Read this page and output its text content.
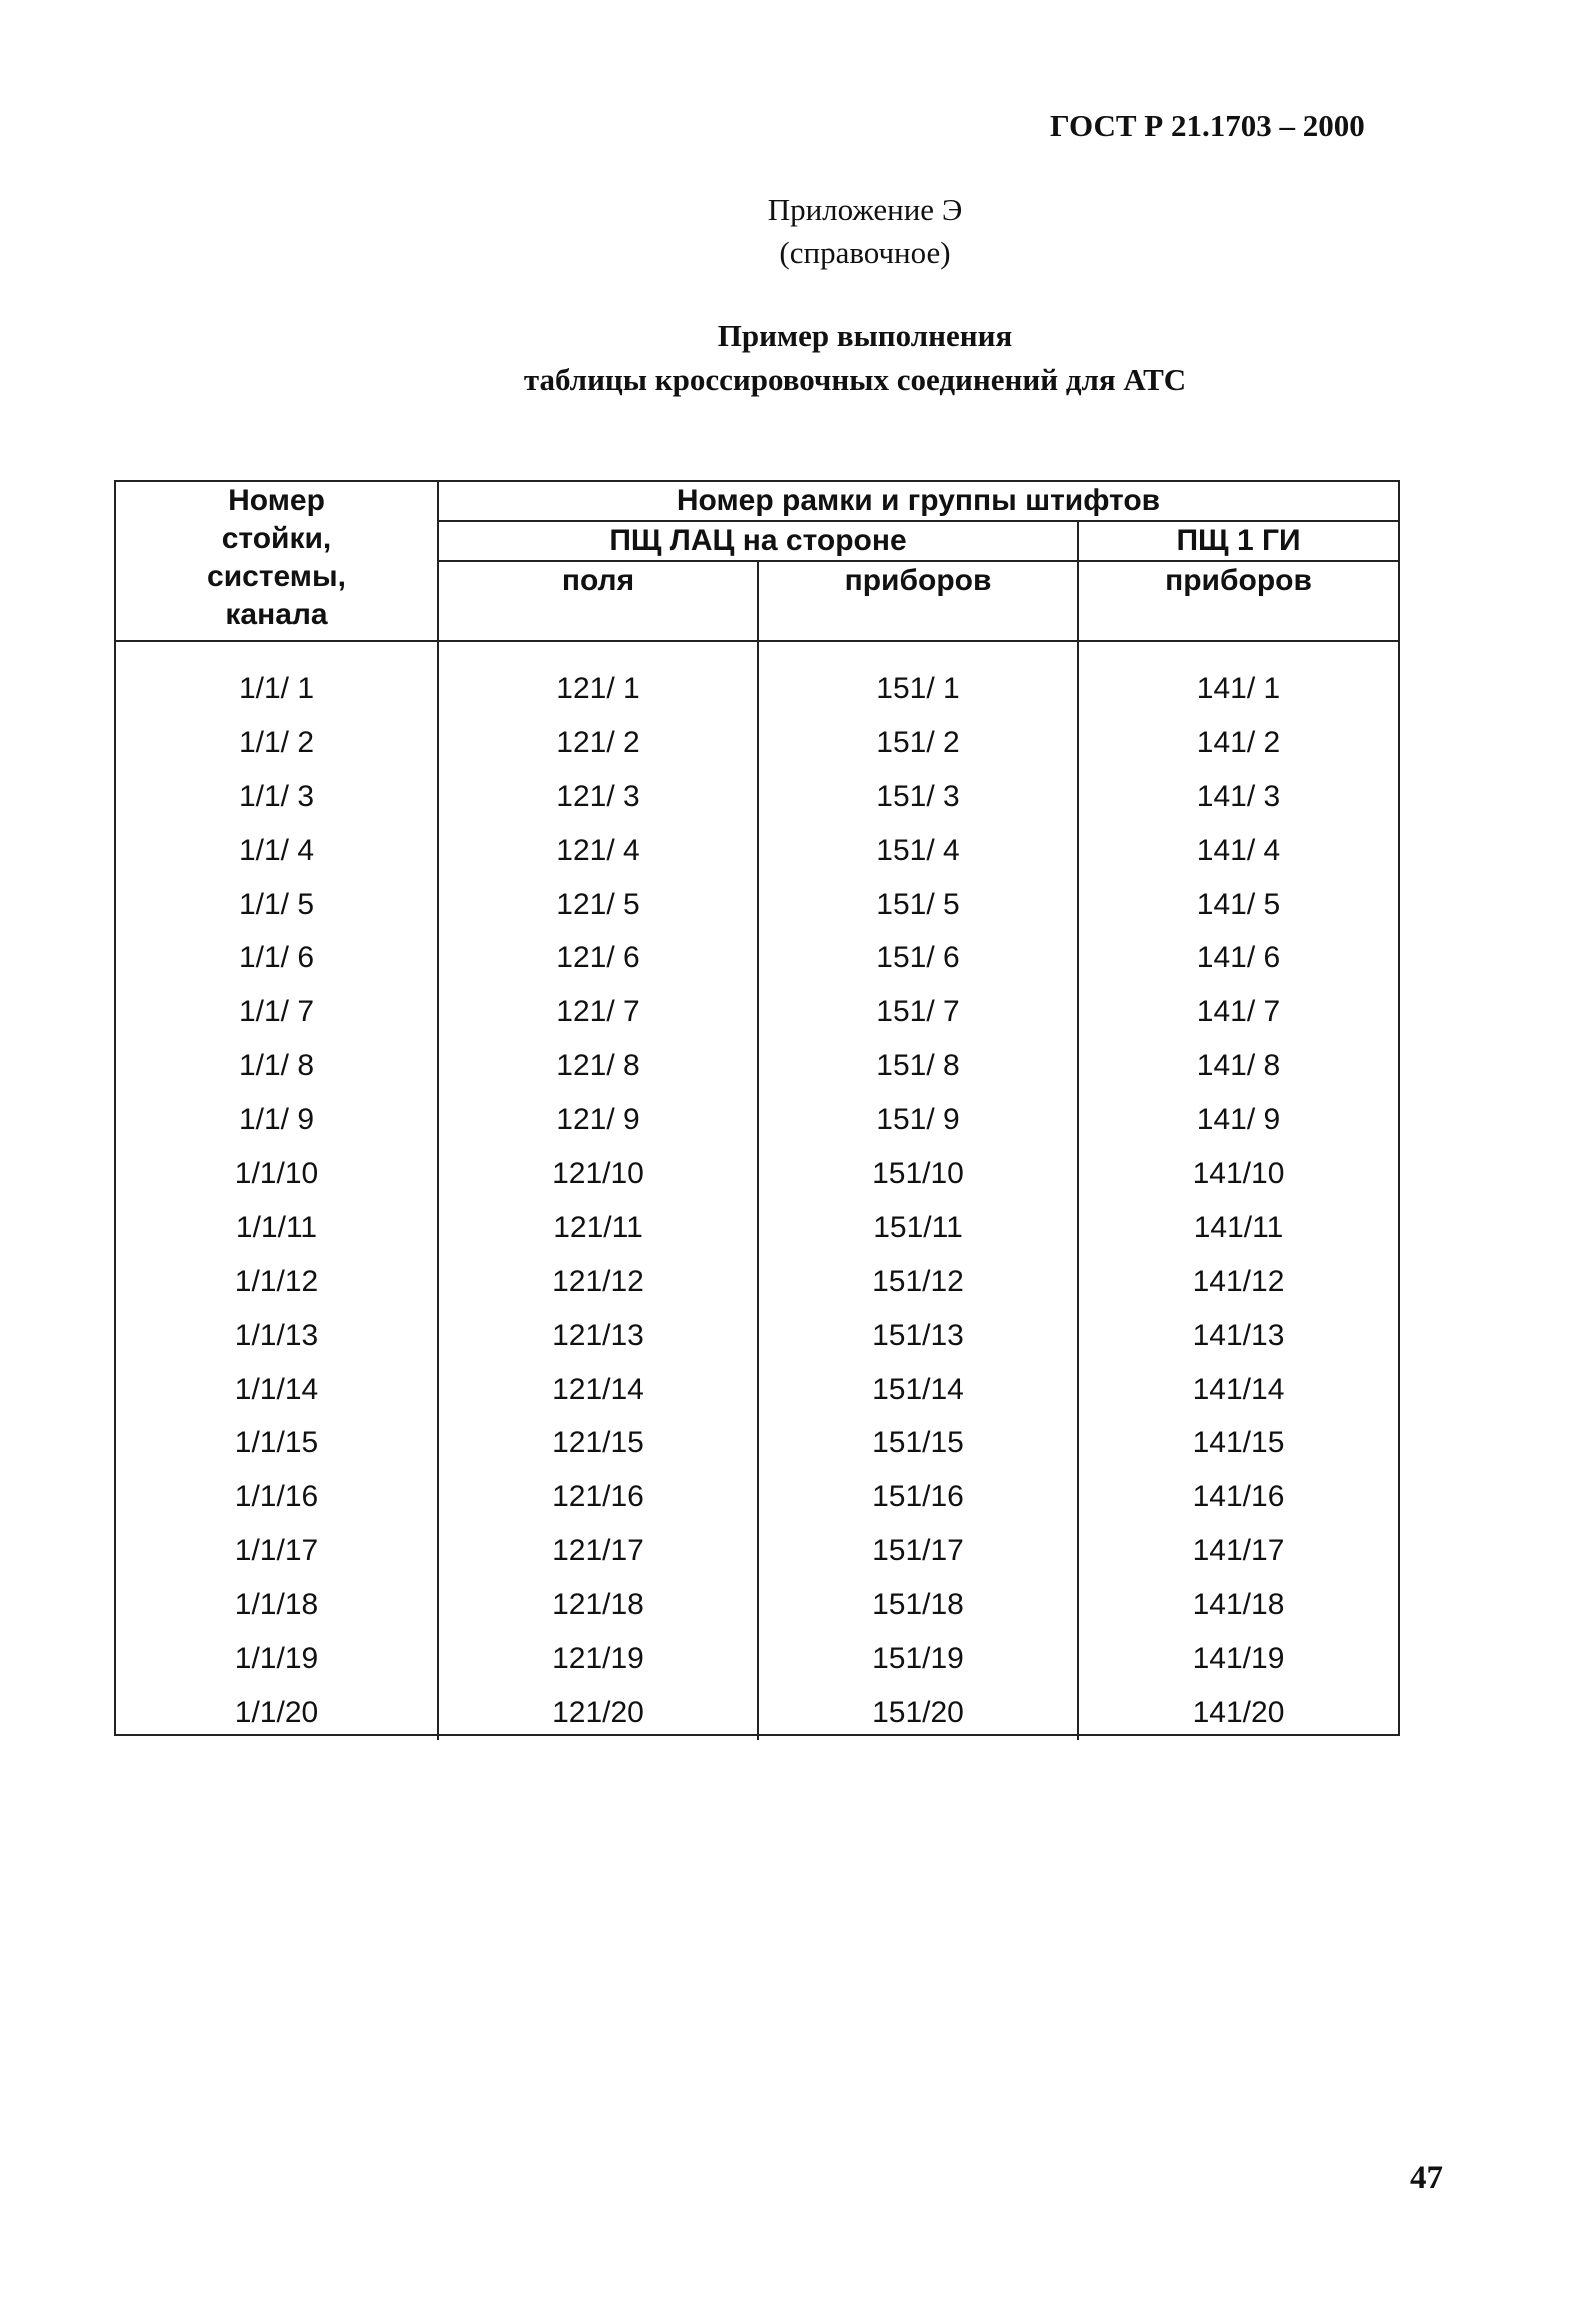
ГОСТ Р 21.1703 – 2000
Приложение Э
(справочное)
Пример выполнения
таблицы кроссировочных соединений для АТС
Номер
стойки,
системы,
канала	Номер рамки и группы штифтов		
	ПЩ ЛАЦ на стороне		ПЩ 1 ГИ
	поля	приборов	приборов
1/1/ 1	121/ 1	151/ 1	141/ 1
1/1/ 2	121/ 2	151/ 2	141/ 2
1/1/ 3	121/ 3	151/ 3	141/ 3
1/1/ 4	121/ 4	151/ 4	141/ 4
1/1/ 5	121/ 5	151/ 5	141/ 5
1/1/ 6	121/ 6	151/ 6	141/ 6
1/1/ 7	121/ 7	151/ 7	141/ 7
1/1/ 8	121/ 8	151/ 8	141/ 8
1/1/ 9	121/ 9	151/ 9	141/ 9
1/1/10	121/10	151/10	141/10
1/1/11	121/11	151/11	141/11
1/1/12	121/12	151/12	141/12
1/1/13	121/13	151/13	141/13
1/1/14	121/14	151/14	141/14
1/1/15	121/15	151/15	141/15
1/1/16	121/16	151/16	141/16
1/1/17	121/17	151/17	141/17
1/1/18	121/18	151/18	141/18
1/1/19	121/19	151/19	141/19
1/1/20	121/20	151/20	141/20
47
